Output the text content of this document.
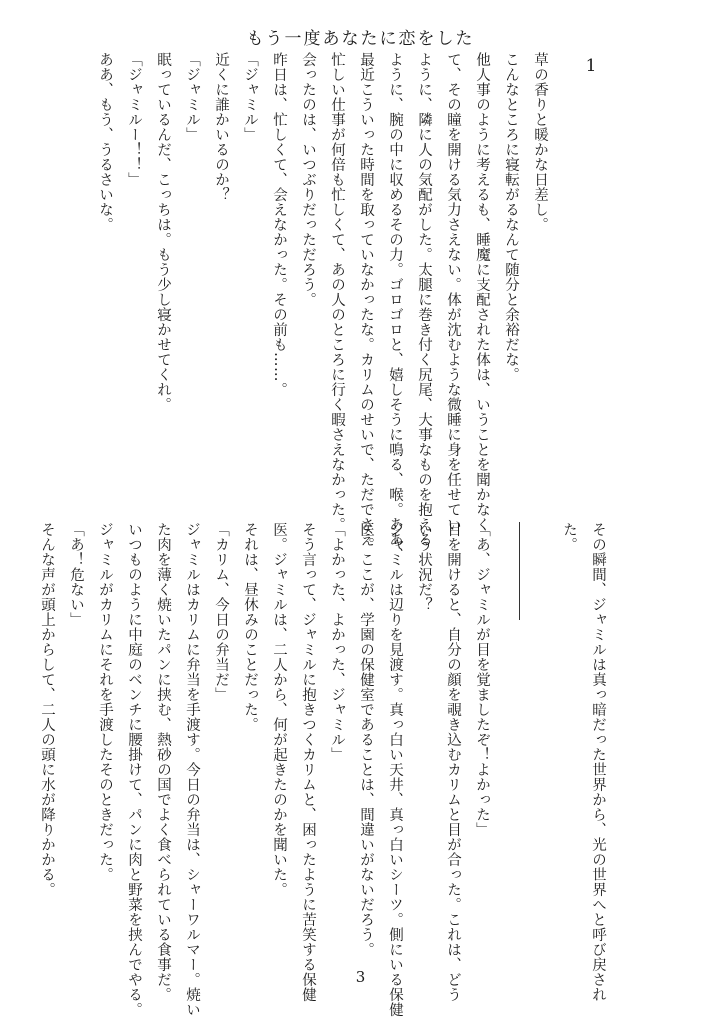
もう一度あなたに恋をした
1
草の香りと暖かな日差し。
こんなところに寝転がるなんて随分と余裕だな。
他人事のように考えるも、睡魔に支配された体は、いうことを聞かなく
て、その瞳を開ける気力さえない。体が沈むような微睡に身を任せてい
ように、隣に人の気配がした。太腿に巻き付く尻尾、大事なものを抱える
ように、腕の中に収めるその力。ゴロゴロと、嬉しそうに鳴る、喉。ああ、
最近こういった時間を取っていなかったな。カリムのせいで、ただでさえ
忙しい仕事が何倍も忙しくて、あの人のところに行く暇さえなかった。
会ったのは、いつぶりだっただろう。
昨日は、忙しくて、会えなかった。その前も……。
「ジャミル」
近くに誰かいるのか？
「ジャミル」
眠っているんだ、こっちは。もう少し寝かせてくれ。
「ジャミルー！！」
ああ、もう、うるさいな。
その瞬間、ジャミルは真っ暗だった世界から、光の世界へと呼び戻され
た。
「あ、ジャミルが目を覚ましたぞ！よかった」
目を開けると、自分の顔を覗き込むカリムと目が合った。これは、どう
いう状況だ？
ジャミルは辺りを見渡す。真っ白い天井、真っ白いシーツ。側にいる保健
医。ここが、学園の保健室であることは、間違いがないだろう。
「よかった、よかった、ジャミル」
そう言って、ジャミルに抱きつくカリムと、困ったように苦笑する保健
医。ジャミルは、二人から、何が起きたのかを聞いた。
それは、昼休みのことだった。
「カリム、今日の弁当だ」
ジャミルはカリムに弁当を手渡す。今日の弁当は、シャーワルマー。焼い
た肉を薄く焼いたパンに挟む、熱砂の国でよく食べられている食事だ。
いつものように中庭のベンチに腰掛けて、パンに肉と野菜を挟んでやる。
ジャミルがカリムにそれを手渡したそのときだった。
「あ！危ない」
そんな声が頭上からして、二人の頭に水が降りかかる。
3
